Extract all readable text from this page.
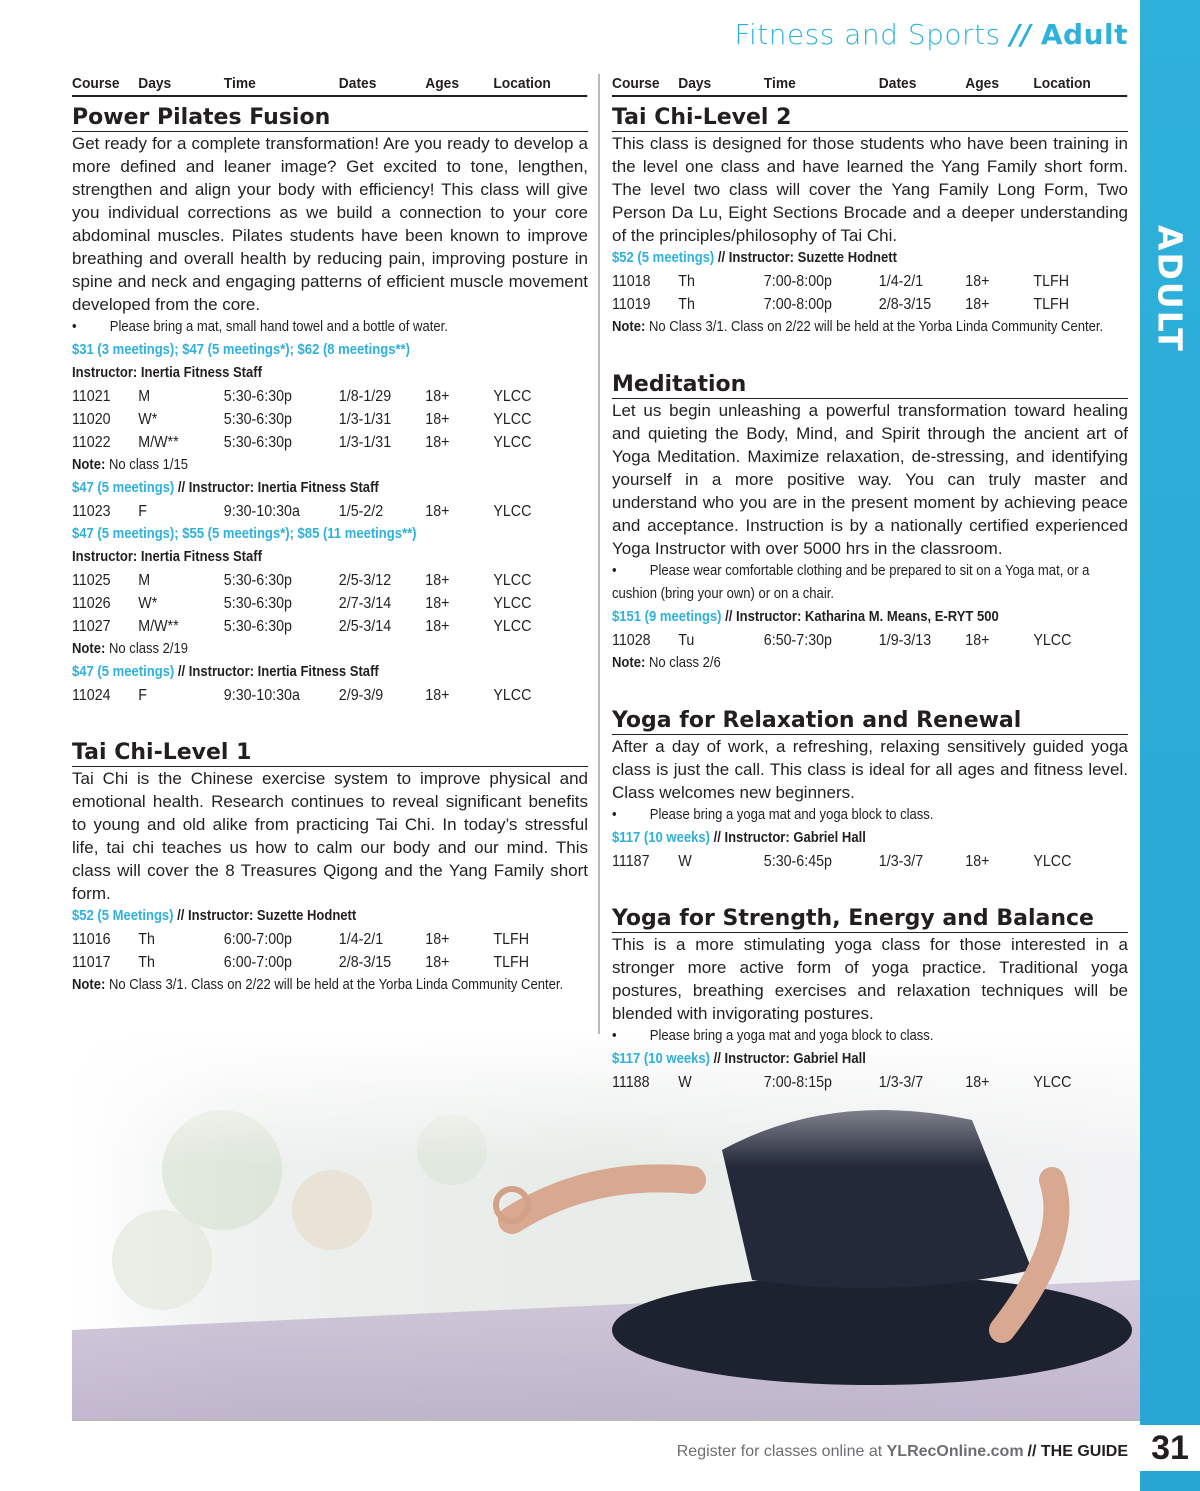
ADULT
Fitness and Sports // Adult
Course	Days	Time	Dates	Ages	Location
Power Pilates Fusion

Get ready for a complete transformation! Are you ready to develop a more defined and leaner image? Get excited to tone, lengthen, strengthen and align your body with efficiency! This class will give you individual corrections as we build a connection to your core abdominal muscles. Pilates students have been known to improve breathing and overall health by reducing pain, improving posture in spine and neck and engaging patterns of efficient muscle movement developed from the core.

• Please bring a mat, small hand towel and a bottle of water.
$31 (3 meetings); $47 (5 meetings*); $62 (8 meetings**)
Instructor: Inertia Fitness Staff
11021	M	5:30-6:30p	1/8-1/29	18+	YLCC
11020	W*	5:30-6:30p	1/3-1/31	18+	YLCC
11022	M/W**	5:30-6:30p	1/3-1/31	18+	YLCC
Note: No class 1/15
$47 (5 meetings) // Instructor: Inertia Fitness Staff
11023	F	9:30-10:30a	1/5-2/2	18+	YLCC
$47 (5 meetings); $55 (5 meetings*); $85 (11 meetings**)
Instructor: Inertia Fitness Staff
11025	M	5:30-6:30p	2/5-3/12	18+	YLCC
11026	W*	5:30-6:30p	2/7-3/14	18+	YLCC
11027	M/W**	5:30-6:30p	2/5-3/14	18+	YLCC
Note: No class 2/19
$47 (5 meetings) // Instructor: Inertia Fitness Staff
11024	F	9:30-10:30a	2/9-3/9	18+	YLCC
Tai Chi-Level 1

Tai Chi is the Chinese exercise system to improve physical and emotional health. Research continues to reveal significant benefits to young and old alike from practicing Tai Chi. In today’s stressful life, tai chi teaches us how to calm our body and our mind. This class will cover the 8 Treasures Qigong and the Yang Family short form.

$52 (5 Meetings) // Instructor: Suzette Hodnett
11016	Th	6:00-7:00p	1/4-2/1	18+	TLFH
11017	Th	6:00-7:00p	2/8-3/15	18+	TLFH
Note: No Class 3/1. Class on 2/22 will be held at the Yorba Linda Community Center.
Course	Days	Time	Dates	Ages	Location
Tai Chi-Level 2

This class is designed for those students who have been training in the level one class and have learned the Yang Family short form. The level two class will cover the Yang Family Long Form, Two Person Da Lu, Eight Sections Brocade and a deeper understanding of the principles/philosophy of Tai Chi.

$52 (5 meetings) // Instructor: Suzette Hodnett
11018	Th	7:00-8:00p	1/4-2/1	18+	TLFH
11019	Th	7:00-8:00p	2/8-3/15	18+	TLFH
Note: No Class 3/1. Class on 2/22 will be held at the Yorba Linda Community Center.
Meditation

Let us begin unleashing a powerful transformation toward healing and quieting the Body, Mind, and Spirit through the ancient art of Yoga Meditation. Maximize relaxation, de-stressing, and identifying yourself in a more positive way. You can truly master and understand who you are in the present moment by achieving peace and acceptance. Instruction is by a nationally certified experienced Yoga Instructor with over 5000 hrs in the classroom.

• Please wear comfortable clothing and be prepared to sit on a Yoga mat, or a cushion (bring your own) or on a chair.
$151 (9 meetings) // Instructor: Katharina M. Means, E-RYT 500
11028	Tu	6:50-7:30p	1/9-3/13	18+	YLCC
Note: No class 2/6
Yoga for Relaxation and Renewal

After a day of work, a refreshing, relaxing sensitively guided yoga class is just the call. This class is ideal for all ages and fitness level. Class welcomes new beginners.

• Please bring a yoga mat and yoga block to class.
$117 (10 weeks) // Instructor: Gabriel Hall
11187	W	5:30-6:45p	1/3-3/7	18+	YLCC
Yoga for Strength, Energy and Balance

This is a more stimulating yoga class for those interested in a stronger more active form of yoga practice. Traditional yoga postures, breathing exercises and relaxation techniques will be blended with invigorating postures.

• Please bring a yoga mat and yoga block to class.
$117 (10 weeks) // Instructor: Gabriel Hall
11188	W	7:00-8:15p	1/3-3/7	18+	YLCC
Register for classes online at
YLRecOnline.com // THE GUIDE 31
